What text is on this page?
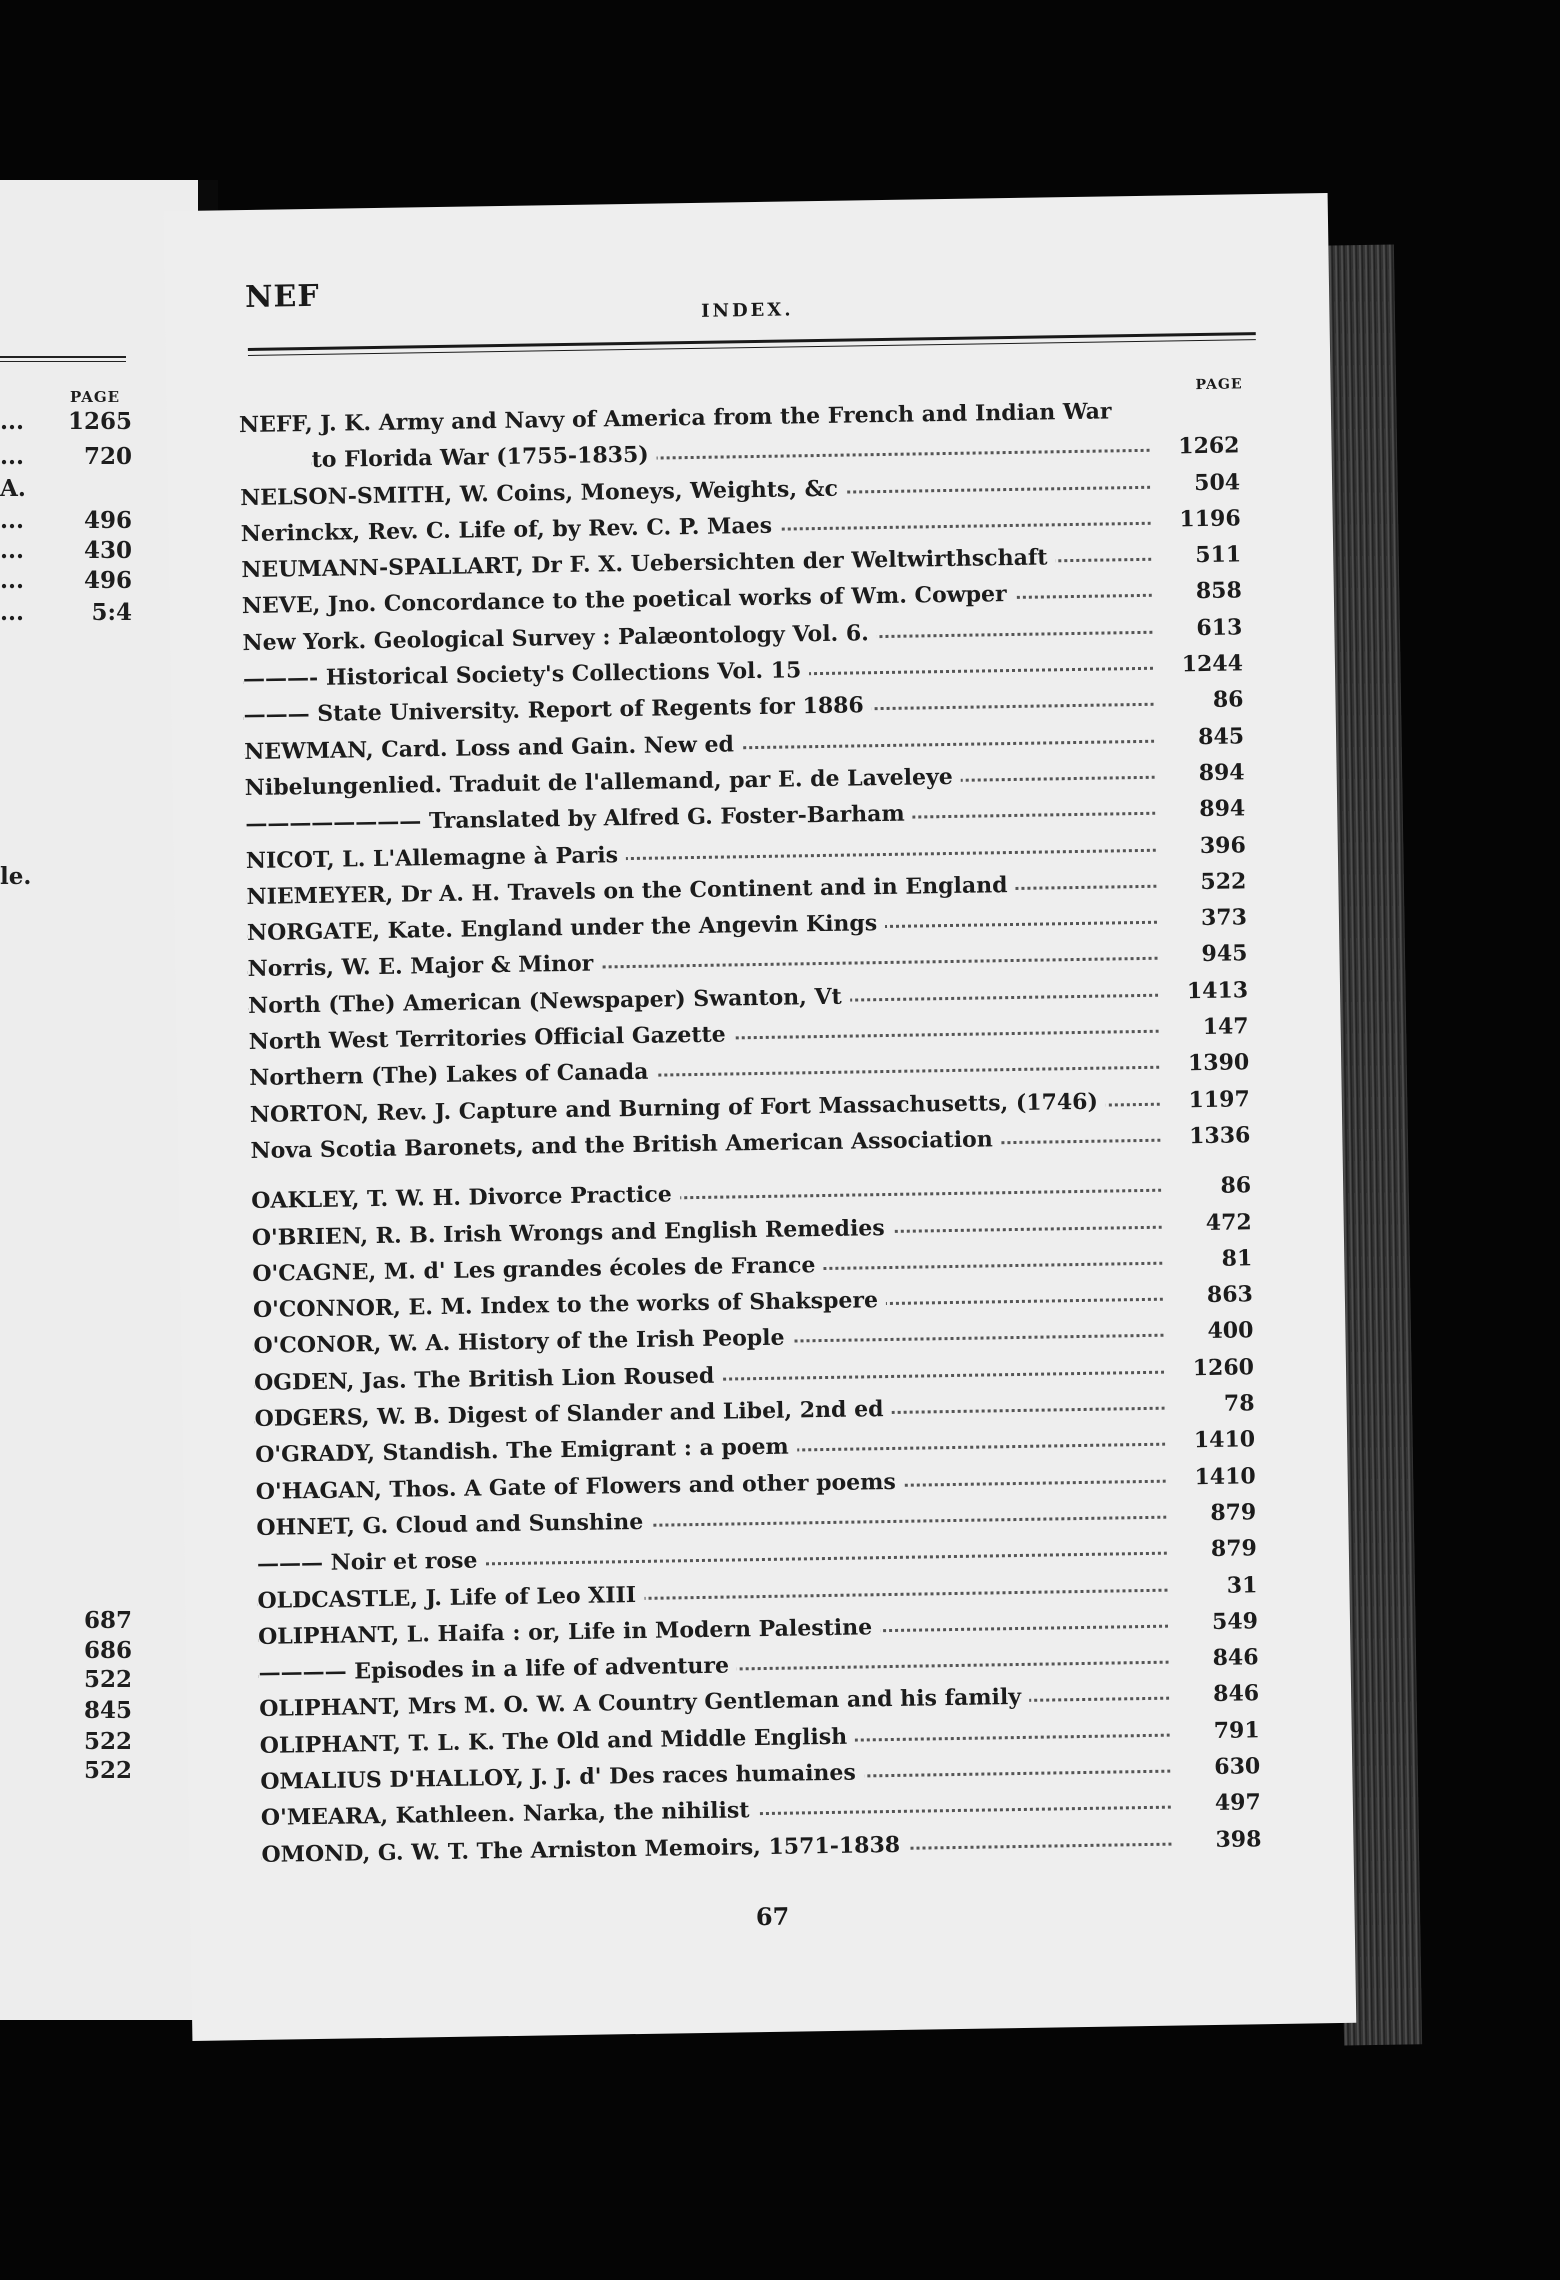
PAGE
... 1265
...	720
A.
...	496
...	430
...	496
...	5:4
le.
687
686
522
845
522
522
NEF	INDEX.
PAGE
NEFF, J. K. Army and Navy of America from the French and Indian War
to Florida War (1755-1835)	1262
NELSON-SMITH, W. Coins, Moneys, Weights, &c	504
Nerinckx, Rev. C. Life of, by Rev. C. P. Maes	1196
NEUMANN-SPALLART, Dr F. X. Uebersichten der Weltwirthschaft	511
NEVE, Jno. Concordance to the poetical works of Wm. Cowper	858
New York. Geological Survey : Palæontology Vol. 6.	613
———- Historical Society's Collections Vol. 15	1244
——— State University. Report of Regents for 1886	86
NEWMAN, Card. Loss and Gain. New ed	845
Nibelungenlied. Traduit de l'allemand, par E. de Laveleye	894
———————— Translated by Alfred G. Foster-Barham	894
NICOT, L. L'Allemagne à Paris	396
NIEMEYER, Dr A. H. Travels on the Continent and in England	522
NORGATE, Kate. England under the Angevin Kings	373
Norris, W. E. Major & Minor	945
North (The) American (Newspaper) Swanton, Vt	1413
North West Territories Official Gazette	147
Northern (The) Lakes of Canada	1390
NORTON, Rev. J. Capture and Burning of Fort Massachusetts, (1746)	1197
Nova Scotia Baronets, and the British American Association	1336
OAKLEY, T. W. H. Divorce Practice	86
O'BRIEN, R. B. Irish Wrongs and English Remedies	472
O'CAGNE, M. d' Les grandes écoles de France	81
O'CONNOR, E. M. Index to the works of Shakspere	863
O'CONOR, W. A. History of the Irish People	400
OGDEN, Jas. The British Lion Roused	1260
ODGERS, W. B. Digest of Slander and Libel, 2nd ed	78
O'GRADY, Standish. The Emigrant : a poem	1410
O'HAGAN, Thos. A Gate of Flowers and other poems	1410
OHNET, G. Cloud and Sunshine	879
——— Noir et rose	879
OLDCASTLE, J. Life of Leo XIII	31
OLIPHANT, L. Haifa : or, Life in Modern Palestine	549
———— Episodes in a life of adventure	846
OLIPHANT, Mrs M. O. W. A Country Gentleman and his family	846
OLIPHANT, T. L. K. The Old and Middle English	791
OMALIUS D'HALLOY, J. J. d' Des races humaines	630
O'MEARA, Kathleen. Narka, the nihilist	497
OMOND, G. W. T. The Arniston Memoirs, 1571-1838	398
67
